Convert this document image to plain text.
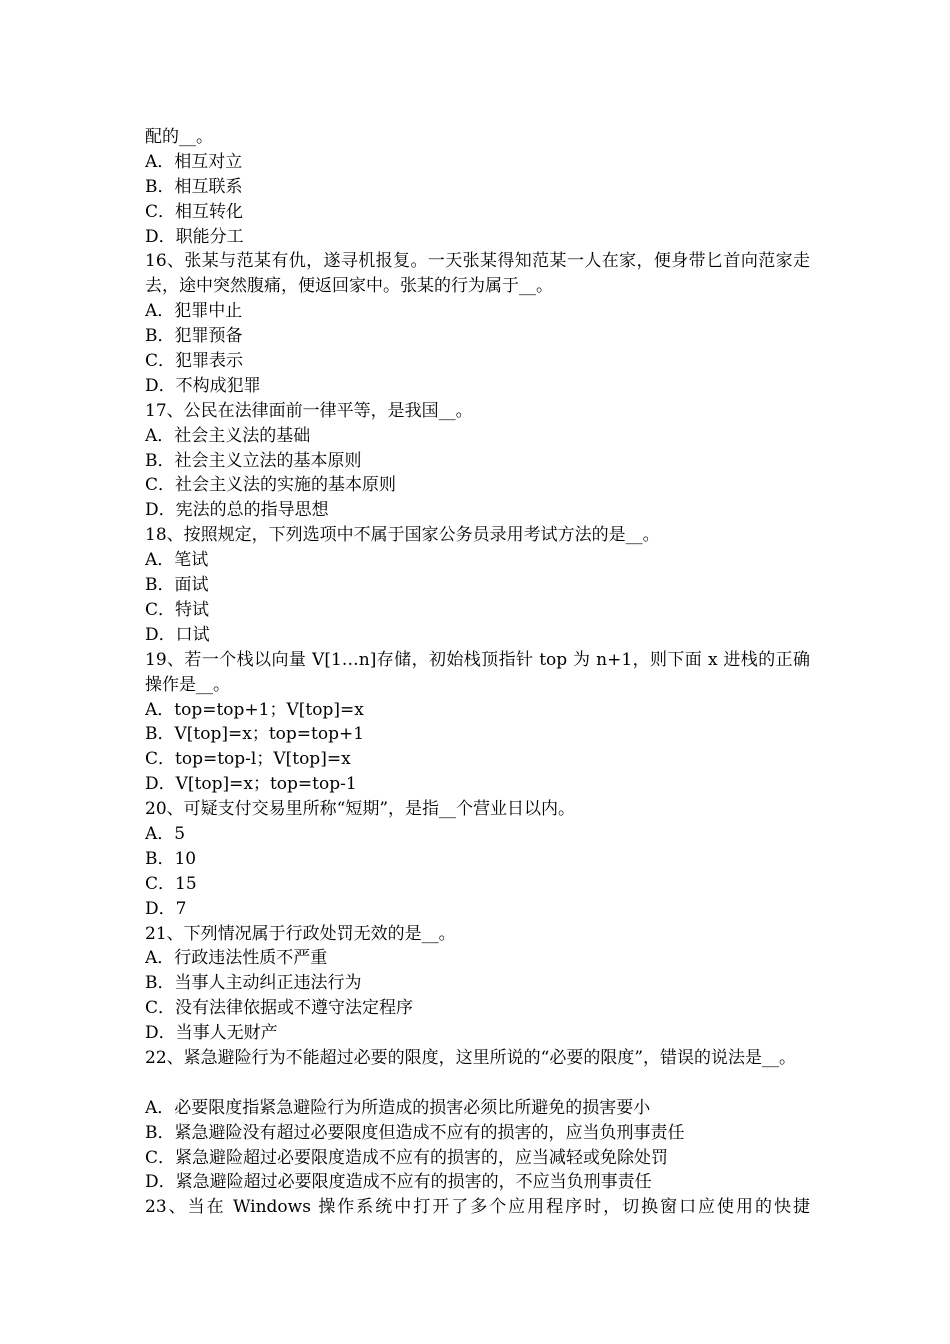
配的__。
A．相互对立
B．相互联系
C．相互转化
D．职能分工
16、张某与范某有仇，遂寻机报复。一天张某得知范某一人在家，便身带匕首向范家走去，途中突然腹痛，便返回家中。张某的行为属于__。
A．犯罪中止
B．犯罪预备
C．犯罪表示
D．不构成犯罪
17、公民在法律面前一律平等，是我国__。
A．社会主义法的基础
B．社会主义立法的基本原则
C．社会主义法的实施的基本原则
D．宪法的总的指导思想
18、按照规定，下列选项中不属于国家公务员录用考试方法的是__。
A．笔试
B．面试
C．特试
D．口试
19、若一个栈以向量 V[1…n]存储，初始栈顶指针 top 为 n+1，则下面 x 进栈的正确操作是__。
A．top=top+1；V[top]=x
B．V[top]=x；top=top+1
C．top=top-l；V[top]=x
D．V[top]=x；top=top-1
20、可疑支付交易里所称“短期”，是指__个营业日以内。
A．5
B．10
C．15
D．7
21、下列情况属于行政处罚无效的是__。
A．行政违法性质不严重
B．当事人主动纠正违法行为
C．没有法律依据或不遵守法定程序
D．当事人无财产
22、紧急避险行为不能超过必要的限度，这里所说的“必要的限度”，错误的说法是__。
A．必要限度指紧急避险行为所造成的损害必须比所避免的损害要小
B．紧急避险没有超过必要限度但造成不应有的损害的，应当负刑事责任
C．紧急避险超过必要限度造成不应有的损害的，应当减轻或免除处罚
D．紧急避险超过必要限度造成不应有的损害的，不应当负刑事责任
23、当在 Windows 操作系统中打开了多个应用程序时，切换窗口应使用的快捷
